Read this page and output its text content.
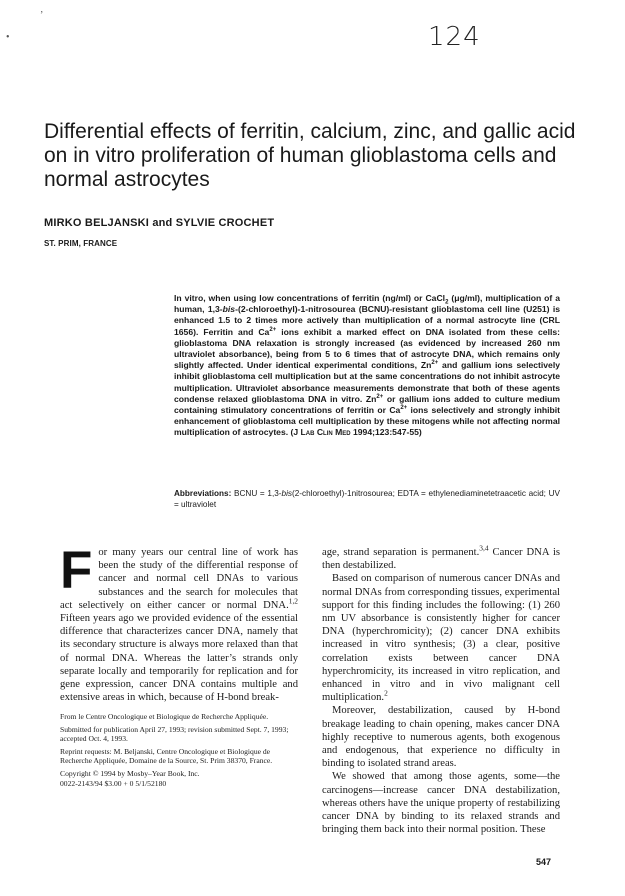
’
•	124
Differential effects of ferritin, calcium, zinc, and gallic acid on in vitro proliferation of human glioblastoma cells and normal astrocytes
MIRKO BELJANSKI and SYLVIE CROCHET
ST. PRIM, FRANCE
In vitro, when using low concentrations of ferritin (ng/ml) or CaCl$_2$ (μg/ml), multiplication of a human, 1,3-bis-(2-chloroethyl)-1-nitrosourea (BCNU)-resistant glioblastoma cell line (U251) is enhanced 1.5 to 2 times more actively than multiplication of a normal astrocyte line (CRL 1656). Ferritin and $Ca^{2+}$ ions exhibit a marked effect on DNA isolated from these cells: glioblastoma DNA relaxation is strongly increased (as evidenced by increased 260 nm ultraviolet absorbance), being from 5 to 6 times that of astrocyte DNA, which remains only slightly affected. Under identical experimental conditions, $Zn^{2+}$ and gallium ions selectively inhibit glioblastoma cell multiplication but at the same concentrations do not inhibit astrocyte multiplication. Ultraviolet absorbance measurements demonstrate that both of these agents condense relaxed glioblastoma DNA in vitro. $Zn^{2+}$ or gallium ions added to culture medium containing stimulatory concentrations of ferritin or $Ca^{2+}$ ions selectively and strongly inhibit enhancement of glioblastoma cell multiplication by these mitogens while not affecting normal multiplication of astrocytes. (J Lab Clin Med 1994;123:547-55)
Abbreviations: BCNU = 1,3-bis(2-chloroethyl)-1nitrosourea; EDTA = ethylenediaminetetraacetic acid; UV = ultraviolet

For many years our central line of work has been the study of the differential response of cancer and normal cell DNAs to various substances and the search for molecules that act selectively on either cancer or normal DNA.$^{1,2}$ Fifteen years ago we provided evidence of the essential difference that characterizes cancer DNA, namely that its secondary structure is always more relaxed than that of normal DNA. Whereas the latter’s strands only separate locally and temporarily for replication and for gene expression, cancer DNA contains multiple and extensive areas in which, because of H-bond break-

From le Centre Oncologique et Biologique de Recherche Appliquée.

Submitted for publication April 27, 1993; revision submitted Sept. 7, 1993; accepted Oct. 4, 1993.

Reprint requests: M. Beljanski, Centre Oncologique et Biologique de Recherche Appliquée, Domaine de la Source, St. Prim 38370, France.

Copyright © 1994 by Mosby–Year Book, Inc.

0022-2143/94 $3.00 + 0 5/1/52180

age, strand separation is permanent.$^{3,4}$ Cancer DNA is then destabilized.

Based on comparison of numerous cancer DNAs and normal DNAs from corresponding tissues, experimental support for this finding includes the following: (1) 260 nm UV absorbance is consistently higher for cancer DNA (hyperchromicity); (2) cancer DNA exhibits increased in vitro synthesis; (3) a clear, positive correlation exists between cancer DNA hyperchromicity, its increased in vitro replication, and enhanced in vitro and in vivo malignant cell multiplication.$^2$

Moreover, destabilization, caused by H-bond breakage leading to chain opening, makes cancer DNA highly receptive to numerous agents, both exogenous and endogenous, that experience no difficulty in binding to isolated strand areas.

We showed that among those agents, some—the carcinogens—increase cancer DNA destabilization, whereas others have the unique property of restabilizing cancer DNA by binding to its relaxed strands and bringing them back into their normal position. These

547
